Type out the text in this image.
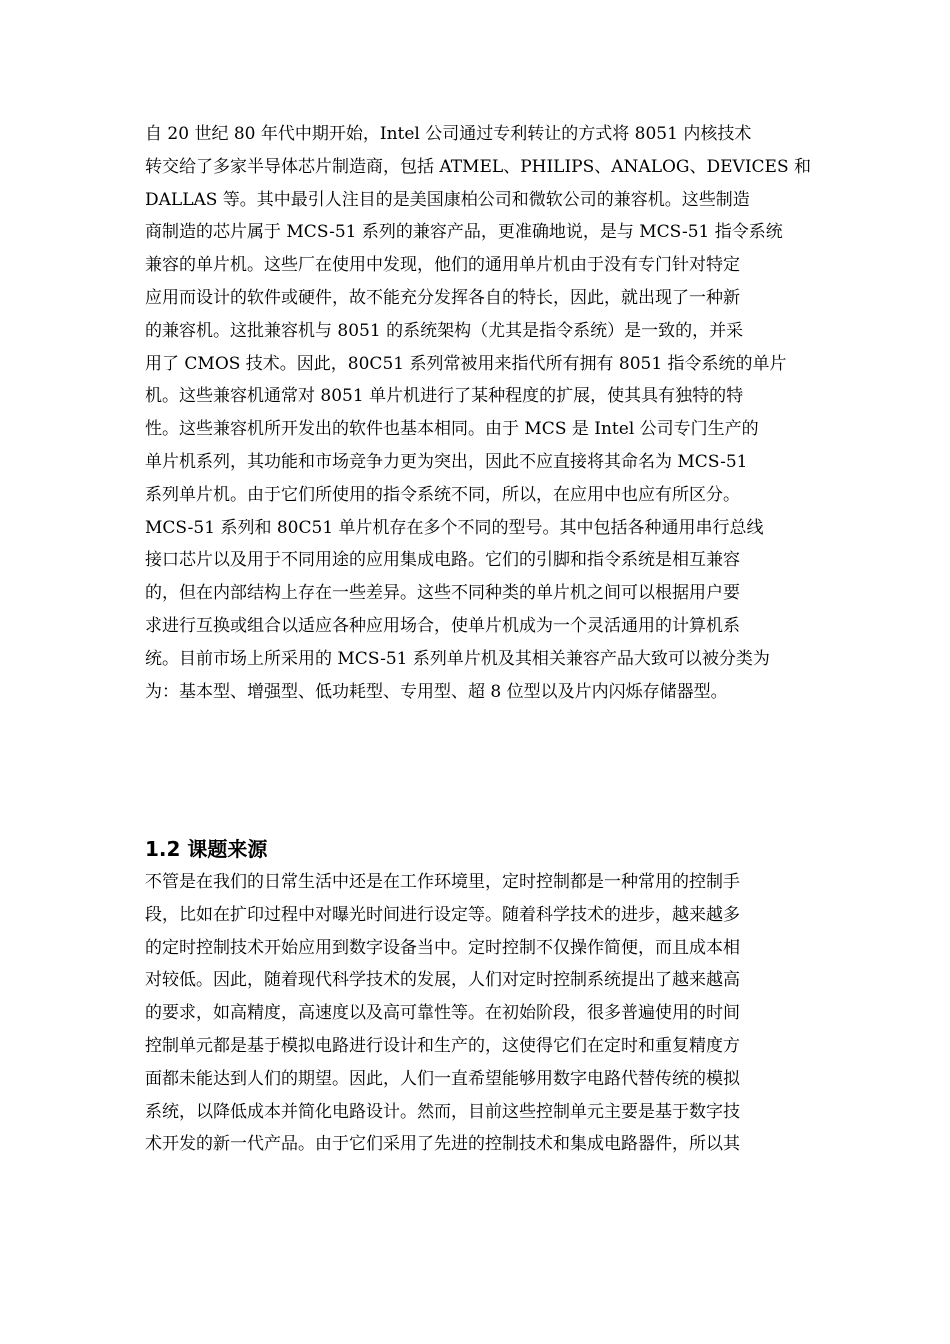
自 20 世纪 80 年代中期开始，Intel 公司通过专利转让的方式将 8051 内核技术
转交给了多家半导体芯片制造商，包括 ATMEL、PHILIPS、ANALOG、DEVICES 和
DALLAS 等。其中最引人注目的是美国康柏公司和微软公司的兼容机。这些制造
商制造的芯片属于 MCS-51 系列的兼容产品，更准确地说，是与 MCS-51 指令系统
兼容的单片机。这些厂在使用中发现，他们的通用单片机由于没有专门针对特定
应用而设计的软件或硬件，故不能充分发挥各自的特长，因此，就出现了一种新
的兼容机。这批兼容机与 8051 的系统架构（尤其是指令系统）是一致的，并采
用了 CMOS 技术。因此，80C51 系列常被用来指代所有拥有 8051 指令系统的单片
机。这些兼容机通常对 8051 单片机进行了某种程度的扩展，使其具有独特的特
性。这些兼容机所开发出的软件也基本相同。由于 MCS 是 Intel 公司专门生产的
单片机系列，其功能和市场竞争力更为突出，因此不应直接将其命名为 MCS-51
系列单片机。由于它们所使用的指令系统不同，所以，在应用中也应有所区分。
MCS-51 系列和 80C51 单片机存在多个不同的型号。其中包括各种通用串行总线
接口芯片以及用于不同用途的应用集成电路。它们的引脚和指令系统是相互兼容
的，但在内部结构上存在一些差异。这些不同种类的单片机之间可以根据用户要
求进行互换或组合以适应各种应用场合，使单片机成为一个灵活通用的计算机系
统。目前市场上所采用的 MCS-51 系列单片机及其相关兼容产品大致可以被分类为
为：基本型、增强型、低功耗型、专用型、超 8 位型以及片内闪烁存储器型。
1.2 课题来源
不管是在我们的日常生活中还是在工作环境里，定时控制都是一种常用的控制手
段，比如在扩印过程中对曝光时间进行设定等。随着科学技术的进步，越来越多
的定时控制技术开始应用到数字设备当中。定时控制不仅操作简便，而且成本相
对较低。因此，随着现代科学技术的发展，人们对定时控制系统提出了越来越高
的要求，如高精度，高速度以及高可靠性等。在初始阶段，很多普遍使用的时间
控制单元都是基于模拟电路进行设计和生产的，这使得它们在定时和重复精度方
面都未能达到人们的期望。因此，人们一直希望能够用数字电路代替传统的模拟
系统，以降低成本并简化电路设计。然而，目前这些控制单元主要是基于数字技
术开发的新一代产品。由于它们采用了先进的控制技术和集成电路器件，所以其
